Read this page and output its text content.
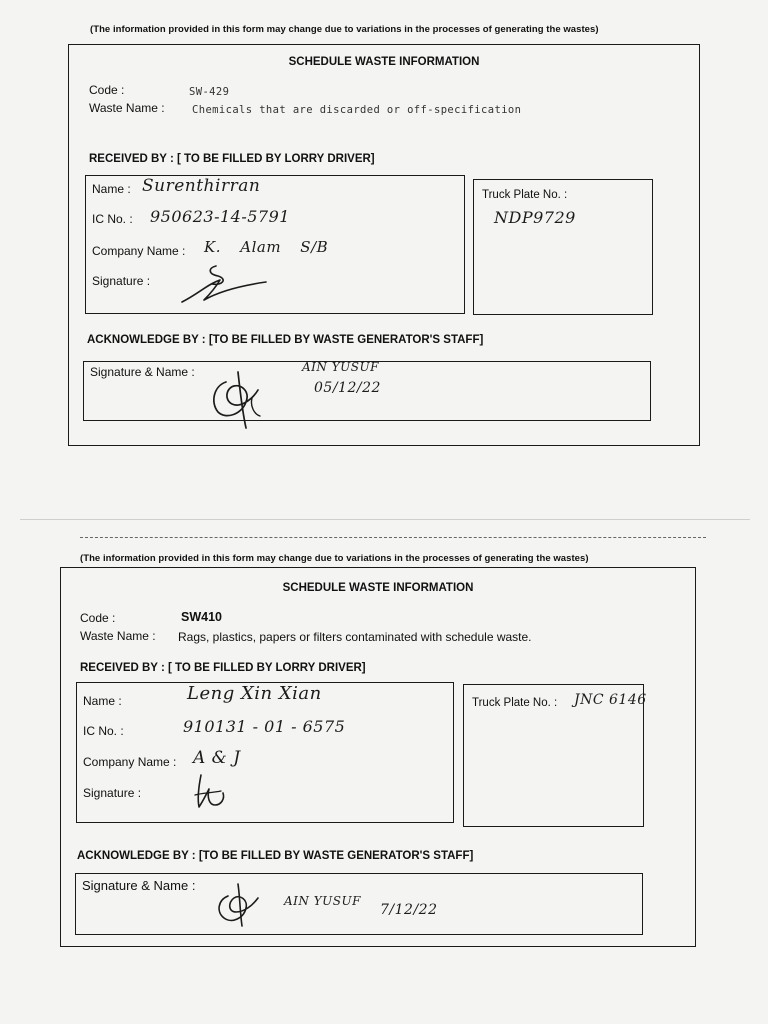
(The information provided in this form may change due to variations in the processes of generating the wastes)
SCHEDULE WASTE INFORMATION
Code :	SW-429
Waste Name :	Chemicals that are discarded or off-specification
RECEIVED BY : [ TO BE FILLED BY LORRY DRIVER]
Name : Surenthirran
IC No. : 950623-14-5791
Company Name : K. Alam S/B
Signature :
Truck Plate No. :
NDP9729
ACKNOWLEDGE BY : [TO BE FILLED BY WASTE GENERATOR'S STAFF]
Signature & Name :	AIN YUSUF
05/12/22
(The information provided in this form may change due to variations in the processes of generating the wastes)
SCHEDULE WASTE INFORMATION
Code :	SW410
Waste Name : Rags, plastics, papers or filters contaminated with schedule waste.
RECEIVED BY : [ TO BE FILLED BY LORRY DRIVER]
Name :	Leng Xin Xian
IC No. :	910131 - 01 - 6575
Company Name : A & J
Signature :
Truck Plate No. : JNC 6146
ACKNOWLEDGE BY : [TO BE FILLED BY WASTE GENERATOR'S STAFF]
Signature & Name :
AIN YUSUF
7/12/22
